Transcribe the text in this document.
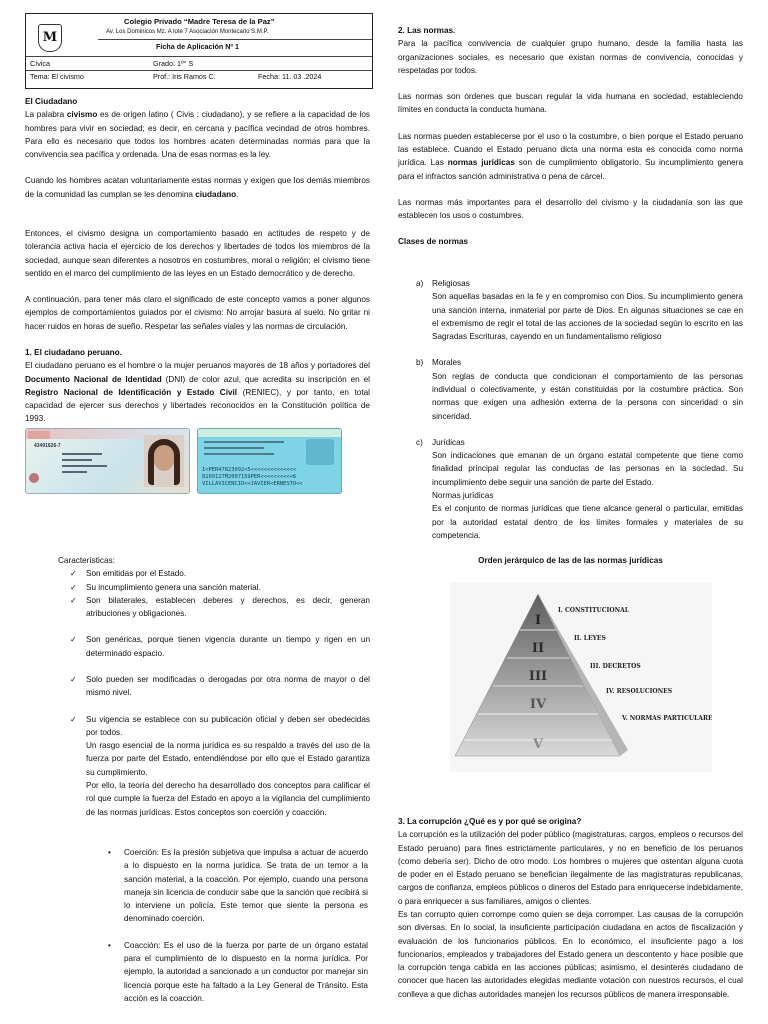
M
Colegio Privado “Madre Teresa de la Paz”
Av. Los Dominicos Mz. A lote 7 Asociación Montecarlo S.M.P.
Ficha de Aplicación Nº 1
Cívica	Grado: 1º° S
Tema: El civismo	Prof.: Iris Ramos C.	Fecha: 11. 03 .2024
El Ciudadano

La palabra civismo es de origen latino ( Civis : ciudadano), y se refiere a la capacidad de los hombres para vivir en sociedad; es decir, en cercana y pacífica vecindad de otros hombres. Para ello es necesario que todos los hombres acaten determinadas normas para que la convivencia sea pacífica y ordenada. Una de esas normas es la ley.

Cuando los hombres acatan voluntariamente estas normas y exigen que los demás miembros de la comunidad las cumplan se les denomina ciudadano.

Entonces, el civismo designa un comportamiento basado en actitudes de respeto y de tolerancia activa hacia el ejercicio de los derechos y libertades de todos los miembros de la sociedad, aunque sean diferentes a nosotros en costumbres, moral o religión; el civismo tiene sentido en el marco del cumplimiento de las leyes en un Estado democrático y de derecho.

A continuación, para tener más claro el significado de este concepto vamos a poner algunos ejemplos de comportamientos guiados por el civismo: No arrojar basura al suelo. No gritar ni hacer ruidos en horas de sueño. Respetar las señales viales y las normas de circulación.

1. El ciudadano peruano.

El ciudadano peruano es el hombre o la mujer peruanos mayores de 18 años y portadores del Documento Nacional de Identidad (DNI) de color azul, que acredita su inscripción en el Registro Nacional de Identificación y Estado Civil (RENIEC), y por tanto, en total capacidad de ejercer sus derechos y libertades reconocidos en la Constitución política de 1993.

43491626-7
I<PER47823092<5<<<<<<<<<<<<<<
8109127M2007159PER<<<<<<<<<<6
VILLAVICENCIO<<JAVIER<ERNESTO<<
Características:
✓ Son emitidas por el Estado.
✓ Su incumplimiento genera una sanción material.
✓ Son bilaterales, establecen deberes y derechos, es decir, generan atribuciones y obligaciones.

✓ Son genéricas, porque tienen vigencia durante un tiempo y rigen en un determinado espacio.

✓ Solo pueden ser modificadas o derogadas por otra norma de mayor o del mismo nivel.

✓ Su vigencia se establece con su publicación oficial y deben ser obedecidas por todos.

Un rasgo esencial de la norma jurídica es su respaldo a través del uso de la fuerza por parte del Estado, entendiéndose por ello que el Estado garantiza su cumplimiento.

Por ello, la teoría del derecho ha desarrollado dos conceptos para calificar el rol que cumple la fuerza del Estado en apoyo a la vigilancia del cumplimiento de las normas jurídicas. Estos conceptos son coerción y coacción.

• Coerción: Es la presión subjetiva que impulsa a actuar de acuerdo a lo dispuesto en la norma jurídica. Se trata de un temor a la sanción material, a la coacción. Por ejemplo, cuando una persona maneja sin licencia de conducir sabe que la sanción que recibirá si lo interviene un policía. Este temor que siente la persona es denominado coerción.

• Coacción: Es el uso de la fuerza por parte de un órgano estatal para el cumplimiento de lo dispuesto en la norma jurídica. Por ejemplo, la autoridad a sancionado a un conductor por manejar sin licencia porque este ha faltado a la Ley General de Tránsito. Esta acción es la coacción.

2. Las normas.

Para la pacífica convivencia de cualquier grupo humano, desde la familia hasta las organizaciones sociales, es necesario que existan normas de convivencia, conocidas y respetadas por todos.

Las normas son órdenes que buscan regular la vida humana en sociedad, estableciendo límites en conducta la conducta humana.

Las normas pueden establecerse por el uso o la costumbre, o bien porque el Estado peruano las establece. Cuando el Estado peruano dicta una norma esta es conocida como norma jurídica. Las normas jurídicas son de cumplimiento obligatorio. Su incumplimiento genera para el infractos sanción administrativa o pena de cárcel.

Las normas más importantes para el desarrollo del civismo y la ciudadanía son las que establecen los usos o costumbres.

Clases de normas
a) Religiosas

Son aquellas basadas en la fe y en compromiso con Dios. Su incumplimiento genera una sanción interna, inmaterial por parte de Dios. En algunas situaciones se cae en el extremismo de regir el total de las acciones de la sociedad según lo escrito en las Sagradas Escrituras, cayendo en un fundamentalismo religioso

b) Morales

Son reglas de conducta que condicionan el comportamiento de las personas individual o colectivamente, y están constituidas por la costumbre práctica. Son normas que exigen una adhesión externa de la persona con sinceridad o sin sinceridad.

c) Jurídicas

Son indicaciones que emanan de un órgano estatal competente que tiene como finalidad principal regular las conductas de las personas en la sociedad. Su incumplimiento debe seguir una sanción de parte del Estado.

Normas jurídicas

Es el conjunto de normas jurídicas que tiene alcance general o particular, emitidas por la autoridad estatal dentro de los límites formales y materiales de su competencia.

Orden jerárquico de las de las normas jurídicas
I
II
III
IV
V
I. CONSTITUCIONAL
II. LEYES
III. DECRETOS
IV. RESOLUCIONES
V. NORMAS PARTICULARES
3. La corrupción ¿Qué es y por qué se origina?

La corrupción es la utilización del poder público (magistraturas, cargos, empleos o recursos del Estado peruano) para fines estrictamente particulares, y no en beneficio de los peruanos (como debería ser). Dicho de otro modo. Los hombres o mujeres que ostentan alguna cuota de poder en el Estado peruano se benefician ilegalmente de las magistraturas republicanas, cargos de confianza, empleos públicos o dineros del Estado para enriquecerse indebidamente, o para enriquecer a sus familiares, amigos o clientes.

Es tan corrupto quien corrompe como quien se deja corromper. Las causas de la corrupción son diversas. En lo social, la insuficiente participación ciudadana en actos de fiscalización y evaluación de los funcionarios públicos. En lo económico, el insuficiente pago a los funcionarios, empleados y trabajadores del Estado genera un descontento y hace posible que la corrupción tenga cabida en las acciones públicas; asimismo, el desinterés ciudadano de conocer que hacen las autoridades elegidas mediante votación con nuestros recursos, el cual conlleva a que dichas autoridades manejen los recursos públicos de manera irresponsable.
